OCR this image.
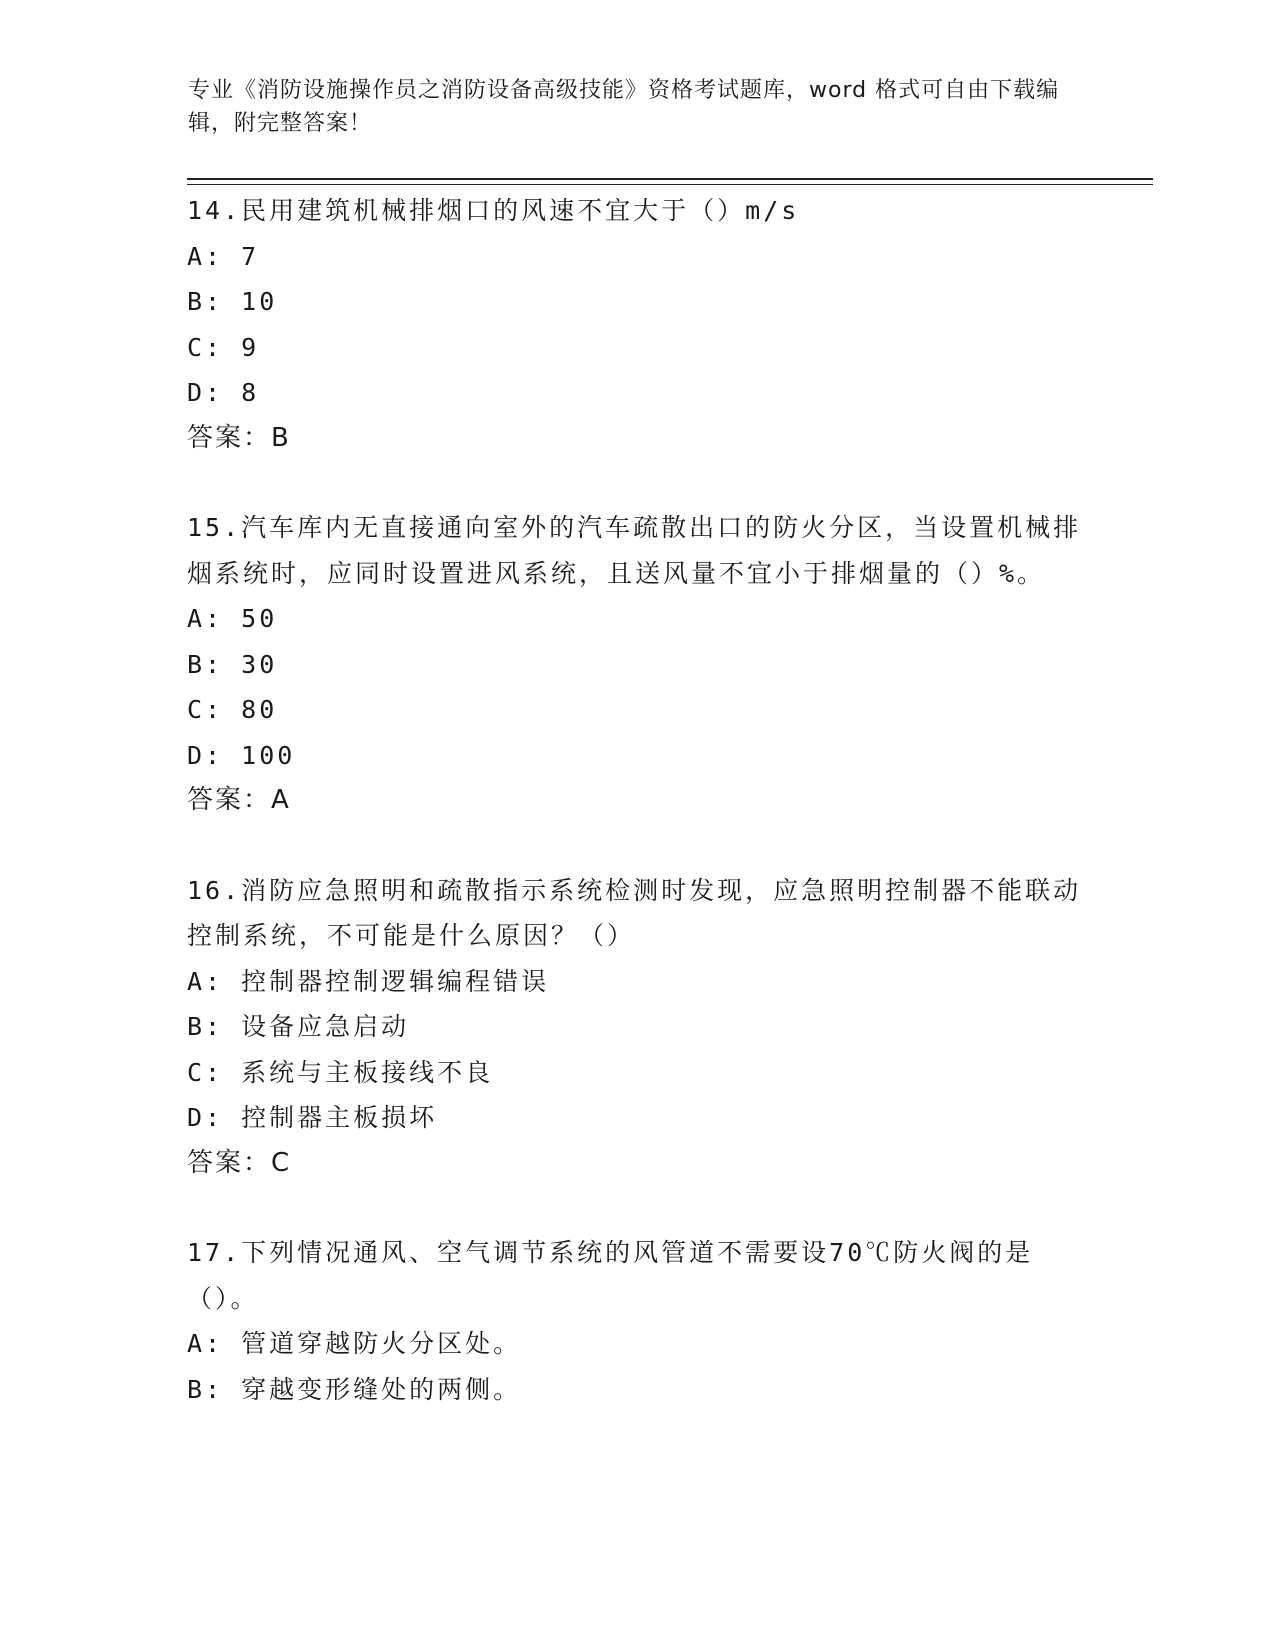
专业《消防设施操作员之消防设备高级技能》资格考试题库，word 格式可自由下载编辑，附完整答案！
14.民用建筑机械排烟口的风速不宜大于（）m/s
A: 7
B: 10
C: 9
D: 8
答案：B
15.汽车库内无直接通向室外的汽车疏散出口的防火分区，当设置机械排烟系统时，应同时设置进风系统，且送风量不宜小于排烟量的（）%。
A: 50
B: 30
C: 80
D: 100
答案：A
16.消防应急照明和疏散指示系统检测时发现，应急照明控制器不能联动控制系统，不可能是什么原因？（）
A: 控制器控制逻辑编程错误
B: 设备应急启动
C: 系统与主板接线不良
D: 控制器主板损坏
答案：C
17.下列情况通风、空气调节系统的风管道不需要设70℃防火阀的是（）。
A: 管道穿越防火分区处。
B: 穿越变形缝处的两侧。
